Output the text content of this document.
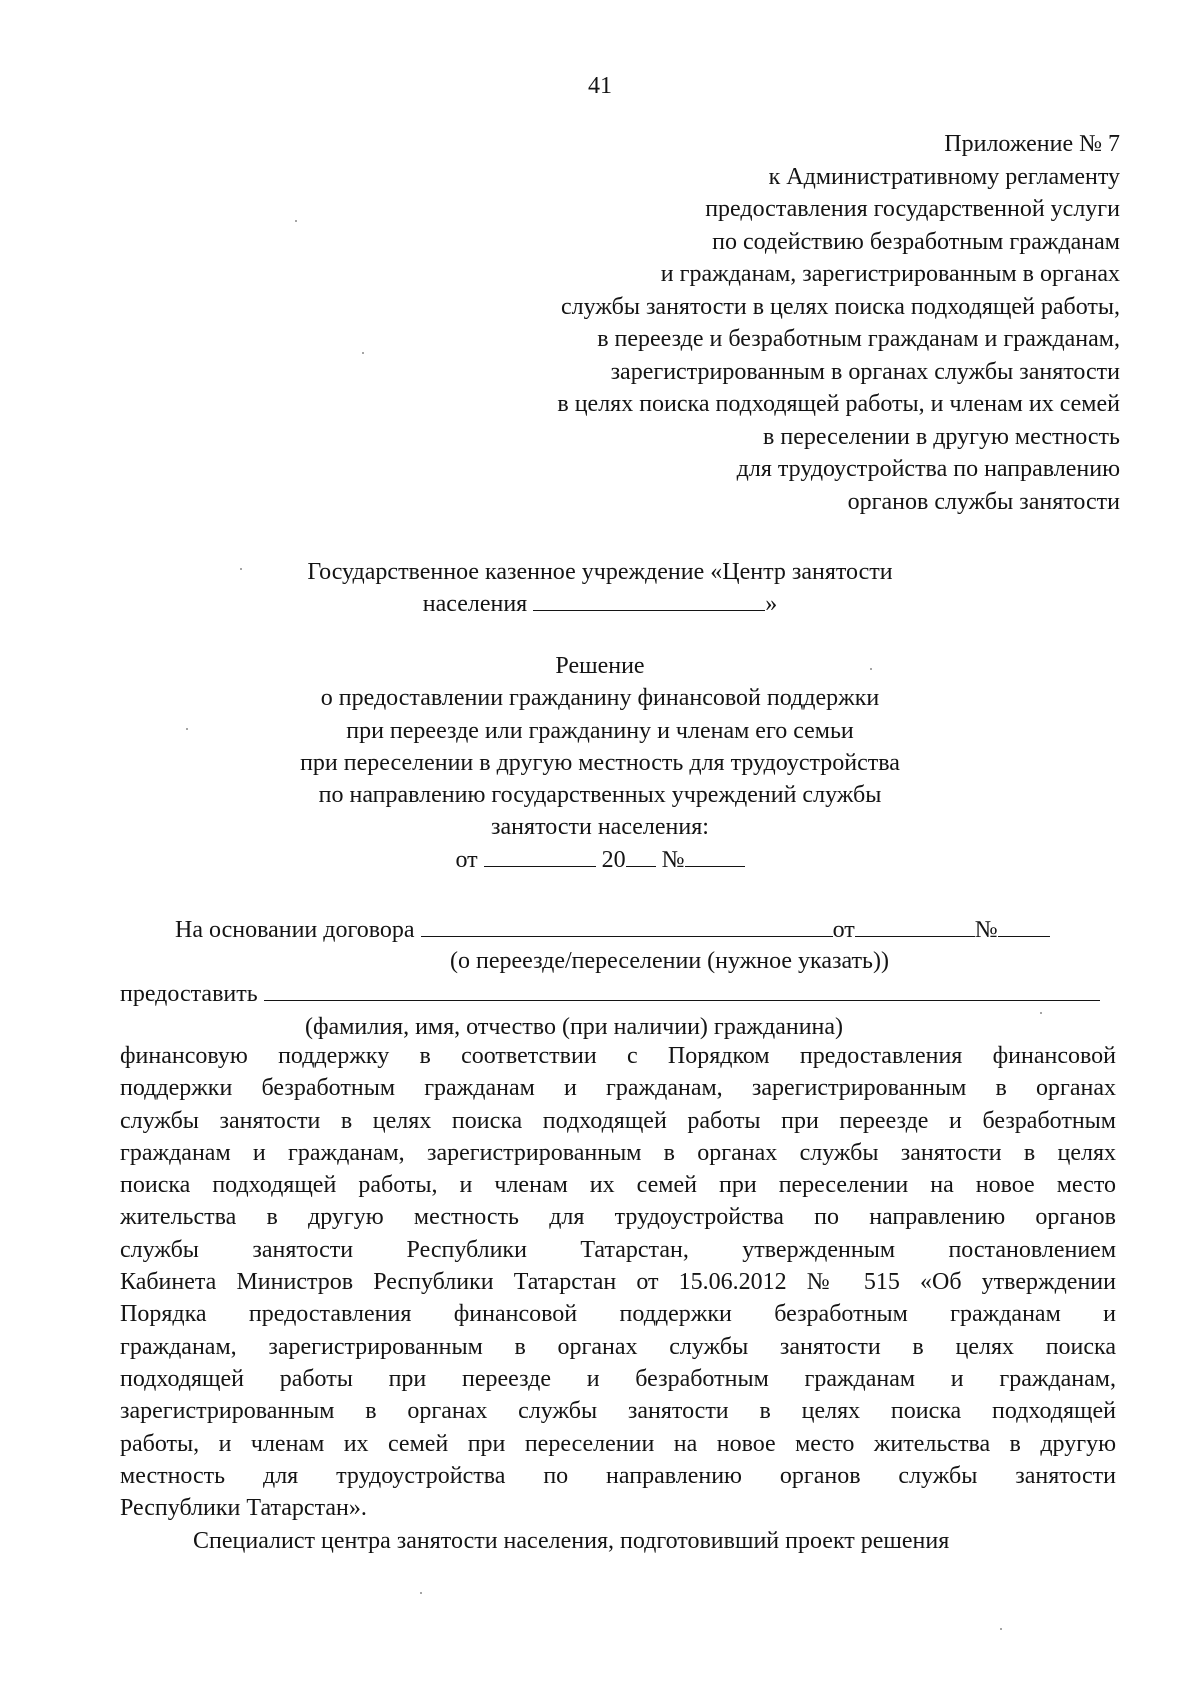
41
Приложение № 7
к Административному регламенту
предоставления государственной услуги
по содействию безработным гражданам
и гражданам, зарегистрированным в органах
службы занятости в целях поиска подходящей работы,
в переезде и безработным гражданам и гражданам,
зарегистрированным в органах службы занятости
в целях поиска подходящей работы, и членам их семей
в переселении в другую местность
для трудоустройства по направлению
органов службы занятости
Государственное казенное учреждение «Центр занятости
населения	»
Решение
о предоставлении гражданину финансовой поддержки
при переезде или гражданину и членам его семьи
при переселении в другую местность для трудоустройства
по направлению государственных учреждений службы
занятости населения:
от	20 №
На основании договора	от	№
(о переезде/переселении (нужное указать))
предоставить
(фамилия, имя, отчество (при наличии) гражданина)
финансовую поддержку в соответствии с Порядком предоставления финансовой
поддержки безработным гражданам и гражданам, зарегистрированным в органах
службы занятости в целях поиска подходящей работы при переезде и безработным
гражданам и гражданам, зарегистрированным в органах службы занятости в целях
поиска подходящей работы, и членам их семей при переселении на новое место
жительства в другую местность для трудоустройства по направлению органов
службы занятости Республики Татарстан, утвержденным постановлением
Кабинета Министров Республики Татарстан от 15.06.2012 № 515 «Об утверждении
Порядка предоставления финансовой поддержки безработным гражданам и
гражданам, зарегистрированным в органах службы занятости в целях поиска
подходящей работы при переезде и безработным гражданам и гражданам,
зарегистрированным в органах службы занятости в целях поиска подходящей
работы, и членам их семей при переселении на новое место жительства в другую
местность для трудоустройства по направлению органов службы занятости
Республики Татарстан».
Специалист центра занятости населения, подготовивший проект решения
